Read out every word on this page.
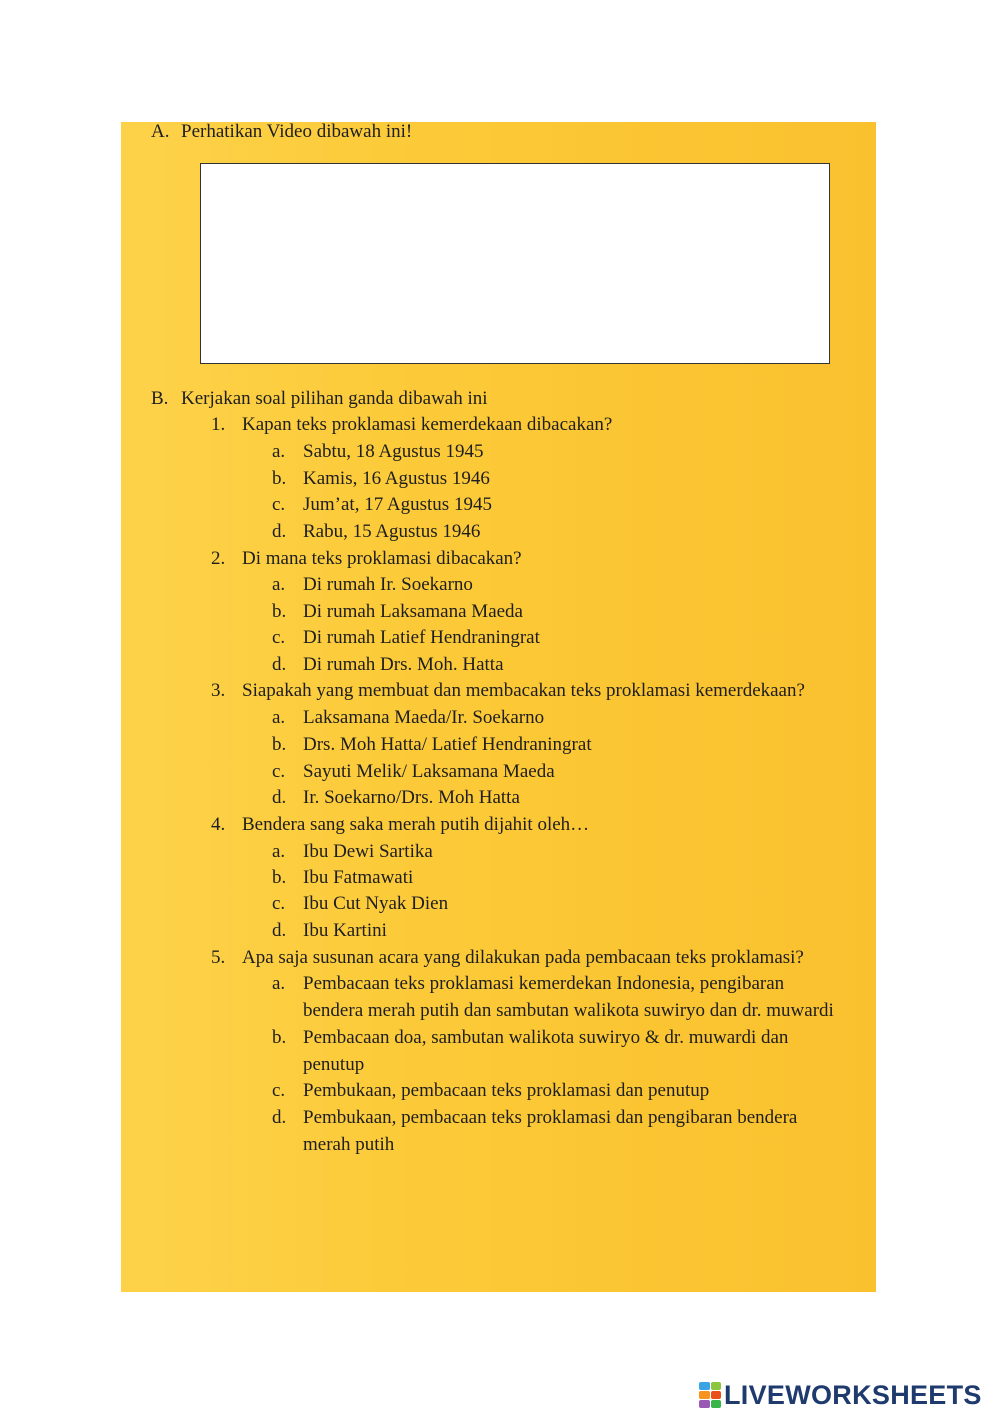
A. Perhatikan Video dibawah ini!
B. Kerjakan soal pilihan ganda dibawah ini
1. Kapan teks proklamasi kemerdekaan dibacakan?
a. Sabtu, 18 Agustus 1945
b. Kamis, 16 Agustus 1946
c. Jum’at, 17 Agustus 1945
d. Rabu, 15 Agustus 1946
2. Di mana teks proklamasi dibacakan?
a. Di rumah Ir. Soekarno
b. Di rumah Laksamana Maeda
c. Di rumah Latief Hendraningrat
d. Di rumah Drs. Moh. Hatta
3. Siapakah yang membuat dan membacakan teks proklamasi kemerdekaan?
a. Laksamana Maeda/Ir. Soekarno
b. Drs. Moh Hatta/ Latief Hendraningrat
c. Sayuti Melik/ Laksamana Maeda
d. Ir. Soekarno/Drs. Moh Hatta
4. Bendera sang saka merah putih dijahit oleh…
a. Ibu Dewi Sartika
b. Ibu Fatmawati
c. Ibu Cut Nyak Dien
d. Ibu Kartini
5. Apa saja susunan acara yang dilakukan pada pembacaan teks proklamasi?
a. Pembacaan teks proklamasi kemerdekan Indonesia, pengibaran
bendera merah putih dan sambutan walikota suwiryo dan dr. muwardi
b. Pembacaan doa, sambutan walikota suwiryo & dr. muwardi dan
penutup
c. Pembukaan, pembacaan teks proklamasi dan penutup
d. Pembukaan, pembacaan teks proklamasi dan pengibaran bendera
merah putih
LIVEWORKSHEETS
